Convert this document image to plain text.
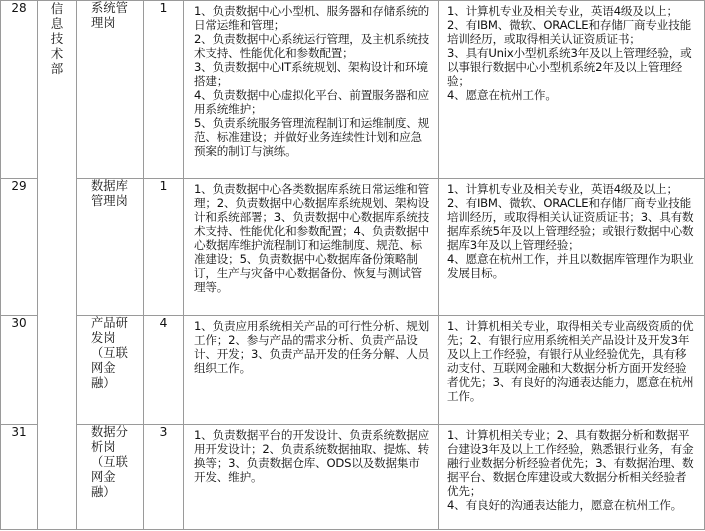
28	信息技术部	系统管理岗	1	1、负责数据中心小型机、服务器和存储系统的日常运维和管理；
2、负责数据中心系统运行管理，及主机系统技术支持、性能优化和参数配置；
3、负责数据中心IT系统规划、架构设计和环境搭建；
4、负责数据中心虚拟化平台、前置服务器和应用系统维护；
5、负责系统服务管理流程制订和运维制度、规范、标准建设；并做好业务连续性计划和应急预案的制订与演练。	1、计算机专业及相关专业，英语4级及以上；
2、有IBM、微软、ORACLE和存储厂商专业技能培训经历，或取得相关认证资质证书；
3、具有Unix小型机系统3年及以上管理经验，或以事银行数据中心小型机系统2年及以上管理经验；
4、愿意在杭州工作。

29		数据库管理岗	1	1、负责数据中心各类数据库系统日常运维和管理；2、负责数据中心数据库系统规划、架构设计和系统部署；3、负责数据中心数据库系统技术支持、性能优化和参数配置；4、负责数据中心数据库维护流程制订和运维制度、规范、标准建设；5、负责数据中心数据库备份策略制订，生产与灾备中心数据备份、恢复与测试管理等。	1、计算机专业及相关专业，英语4级及以上；
2、有IBM、微软、ORACLE和存储厂商专业技能培训经历，或取得相关认证资质证书；3、具有数据库系统5年及以上管理经验；或银行数据中心数据库3年及以上管理经验；
4、愿意在杭州工作，并且以数据库管理作为职业发展目标。

30		产品研发岗（互联网金融）	4	1、负责应用系统相关产品的可行性分析、规划工作；2、参与产品的需求分析、负责产品设计、开发；3、负责产品开发的任务分解、人员组织工作。	1、计算机相关专业，取得相关专业高级资质的优先；2、有银行应用系统相关产品设计及开发3年及以上工作经验，有银行从业经验优先，具有移动支付、互联网金融和大数据分析方面开发经验者优先；3、有良好的沟通表达能力，愿意在杭州工作。

31		数据分析岗（互联网金融）	3	1、负责数据平台的开发设计、负责系统数据应用开发设计；2、负责系统数据抽取、提炼、转换等；3、负责数据仓库、ODS以及数据集市开发、维护。	1、计算机相关专业；2、具有数据分析和数据平台建设3年及以上工作经验，熟悉银行业务，有金融行业数据分析经验者优先；3、有数据治理、数据平台、数据仓库建设或大数据分析相关经验者优先；
4、有良好的沟通表达能力，愿意在杭州工作。
